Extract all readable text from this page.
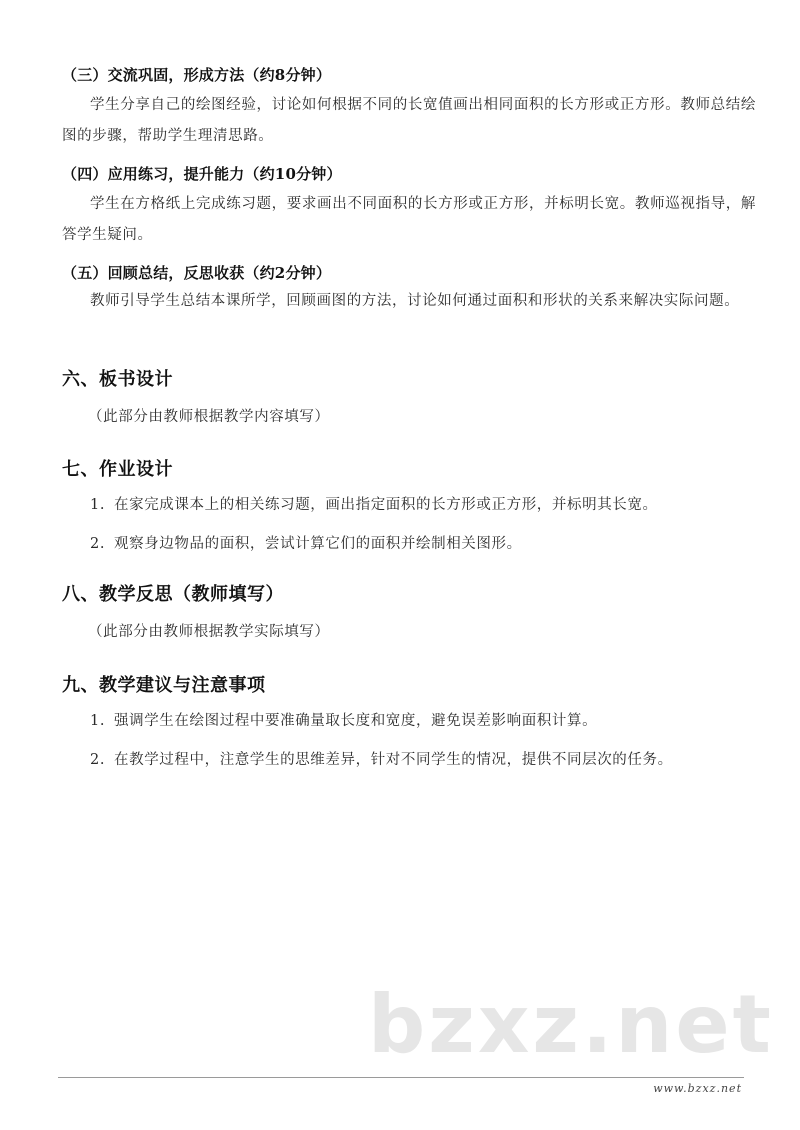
（三）交流巩固，形成方法（约8分钟）
学生分享自己的绘图经验，讨论如何根据不同的长宽值画出相同面积的长方形或正方形。教师总结绘图的步骤，帮助学生理清思路。
（四）应用练习，提升能力（约10分钟）
学生在方格纸上完成练习题，要求画出不同面积的长方形或正方形，并标明长宽。教师巡视指导，解答学生疑问。
（五）回顾总结，反思收获（约2分钟）
教师引导学生总结本课所学，回顾画图的方法，讨论如何通过面积和形状的关系来解决实际问题。
六、板书设计
（此部分由教师根据教学内容填写）
七、作业设计
1. 在家完成课本上的相关练习题，画出指定面积的长方形或正方形，并标明其长宽。
2. 观察身边物品的面积，尝试计算它们的面积并绘制相关图形。
八、教学反思（教师填写）
（此部分由教师根据教学实际填写）
九、教学建议与注意事项
1. 强调学生在绘图过程中要准确量取长度和宽度，避免误差影响面积计算。
2. 在教学过程中，注意学生的思维差异，针对不同学生的情况，提供不同层次的任务。
bzxz.net
www.bzxz.net
